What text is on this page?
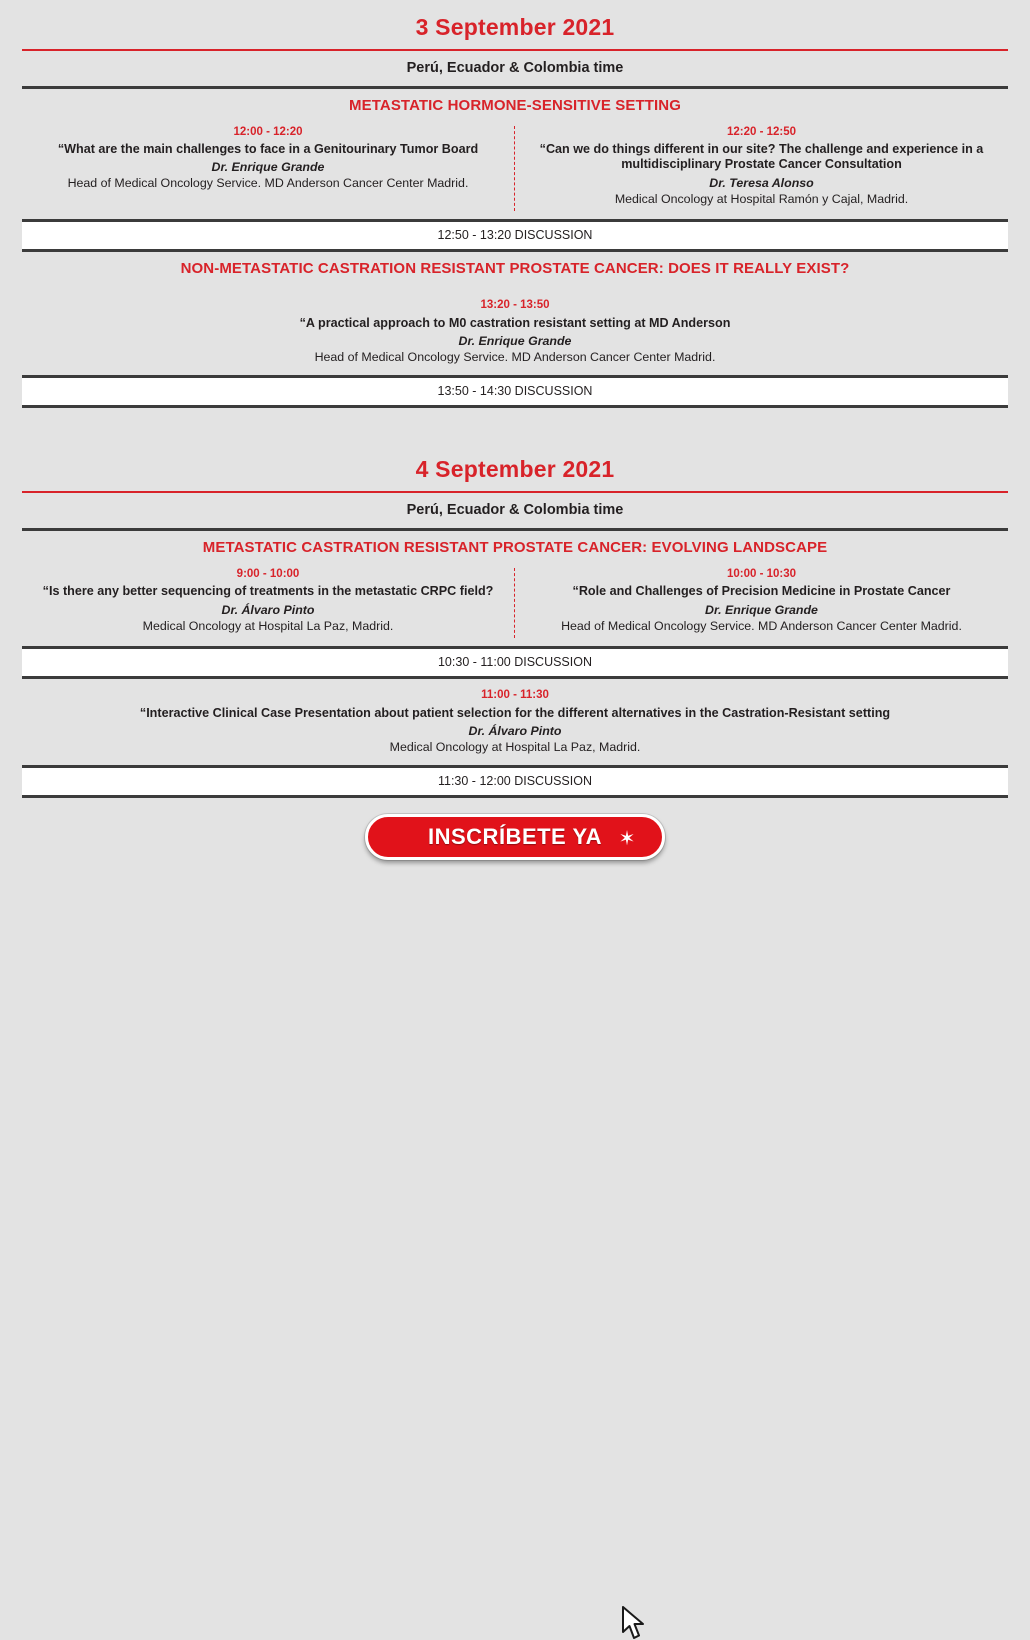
3 September 2021
Perú, Ecuador & Colombia time
METASTATIC HORMONE-SENSITIVE SETTING
12:00 - 12:20
“What are the main challenges to face in a Genitourinary Tumor Board
Dr. Enrique Grande
Head of Medical Oncology Service. MD Anderson Cancer Center Madrid.
12:20 - 12:50
“Can we do things different in our site? The challenge and experience in a multidisciplinary Prostate Cancer Consultation
Dr. Teresa Alonso
Medical Oncology at Hospital Ramón y Cajal, Madrid.
12:50 - 13:20 DISCUSSION
NON-METASTATIC CASTRATION RESISTANT PROSTATE CANCER: DOES IT REALLY EXIST?
13:20 - 13:50
“A practical approach to M0 castration resistant setting at MD Anderson
Dr. Enrique Grande
Head of Medical Oncology Service. MD Anderson Cancer Center Madrid.
13:50 - 14:30 DISCUSSION
4 September 2021
Perú, Ecuador & Colombia time
METASTATIC CASTRATION RESISTANT PROSTATE CANCER: EVOLVING LANDSCAPE
9:00 - 10:00
“Is there any better sequencing of treatments in the metastatic CRPC field?
Dr. Álvaro Pinto
Medical Oncology at Hospital La Paz, Madrid.
10:00 - 10:30
“Role and Challenges of Precision Medicine in Prostate Cancer
Dr. Enrique Grande
Head of Medical Oncology Service. MD Anderson Cancer Center Madrid.
10:30 - 11:00 DISCUSSION
11:00 - 11:30
“Interactive Clinical Case Presentation about patient selection for the different alternatives in the Castration-Resistant setting
Dr. Álvaro Pinto
Medical Oncology at Hospital La Paz, Madrid.
11:30 - 12:00 DISCUSSION
INSCRÍBETE YA ✶
